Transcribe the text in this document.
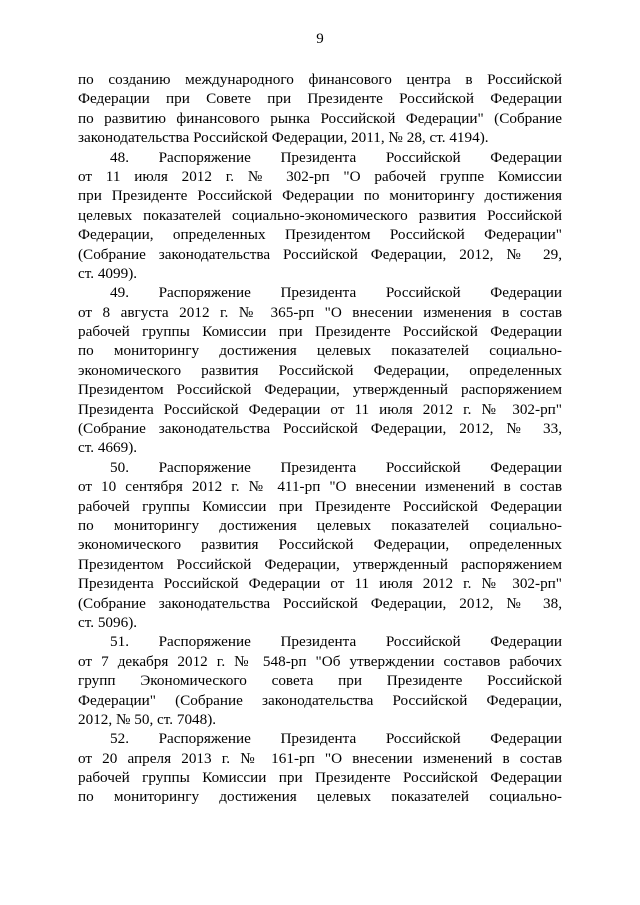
9
по созданию международного финансового центра в Российской
Федерации при Совете при Президенте Российской Федерации
по развитию финансового рынка Российской Федерации" (Собрание
законодательства Российской Федерации, 2011, № 28, ст. 4194).
48. Распоряжение Президента Российской Федерации
от 11 июля 2012 г. № 302-рп "О рабочей группе Комиссии
при Президенте Российской Федерации по мониторингу достижения
целевых показателей социально-экономического развития Российской
Федерации, определенных Президентом Российской Федерации"
(Собрание законодательства Российской Федерации, 2012, № 29,
ст. 4099).
49. Распоряжение Президента Российской Федерации
от 8 августа 2012 г. № 365-рп "О внесении изменения в состав
рабочей группы Комиссии при Президенте Российской Федерации
по мониторингу достижения целевых показателей социально-
экономического развития Российской Федерации, определенных
Президентом Российской Федерации, утвержденный распоряжением
Президента Российской Федерации от 11 июля 2012 г. № 302-рп"
(Собрание законодательства Российской Федерации, 2012, № 33,
ст. 4669).
50. Распоряжение Президента Российской Федерации
от 10 сентября 2012 г. № 411-рп "О внесении изменений в состав
рабочей группы Комиссии при Президенте Российской Федерации
по мониторингу достижения целевых показателей социально-
экономического развития Российской Федерации, определенных
Президентом Российской Федерации, утвержденный распоряжением
Президента Российской Федерации от 11 июля 2012 г. № 302-рп"
(Собрание законодательства Российской Федерации, 2012, № 38,
ст. 5096).
51. Распоряжение Президента Российской Федерации
от 7 декабря 2012 г. № 548-рп "Об утверждении составов рабочих
групп Экономического совета при Президенте Российской
Федерации" (Собрание законодательства Российской Федерации,
2012, № 50, ст. 7048).
52. Распоряжение Президента Российской Федерации
от 20 апреля 2013 г. № 161-рп "О внесении изменений в состав
рабочей группы Комиссии при Президенте Российской Федерации
по мониторингу достижения целевых показателей социально-
